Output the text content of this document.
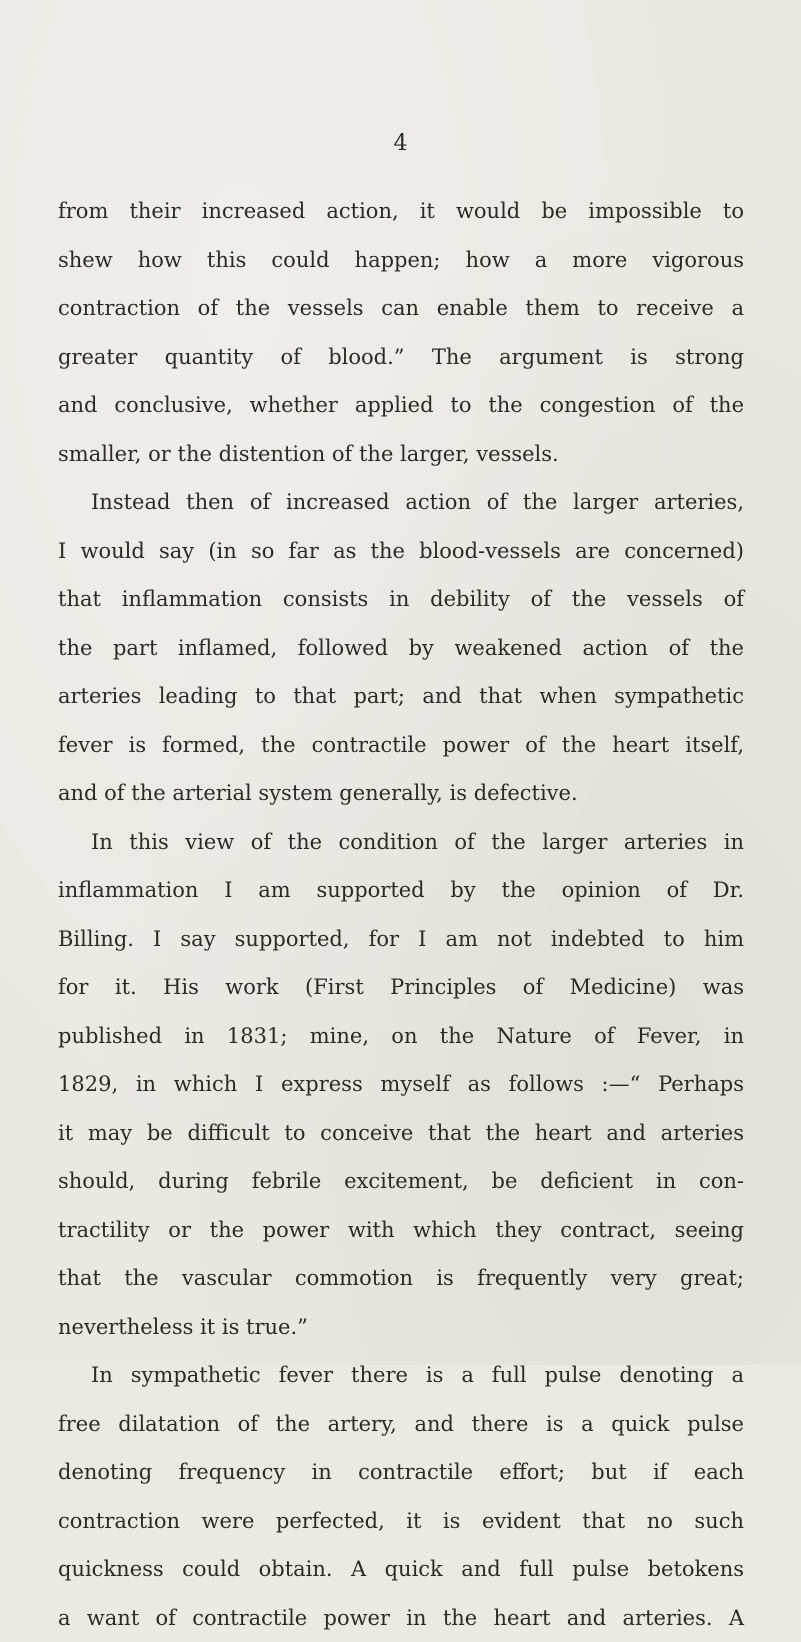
4
from their increased action, it would be impossible to
shew how this could happen; how a more vigorous
contraction of the vessels can enable them to receive a
greater quantity of blood.” The argument is strong
and conclusive, whether applied to the congestion of the
smaller, or the distention of the larger, vessels.
Instead then of increased action of the larger arteries,
I would say (in so far as the blood-vessels are concerned)
that inflammation consists in debility of the vessels of
the part inflamed, followed by weakened action of the
arteries leading to that part; and that when sympathetic
fever is formed, the contractile power of the heart itself,
and of the arterial system generally, is defective.
In this view of the condition of the larger arteries in
inflammation I am supported by the opinion of Dr.
Billing. I say supported, for I am not indebted to him
for it. His work (First Principles of Medicine) was
published in 1831; mine, on the Nature of Fever, in
1829, in which I express myself as follows :—“ Perhaps
it may be difficult to conceive that the heart and arteries
should, during febrile excitement, be deficient in con-
tractility or the power with which they contract, seeing
that the vascular commotion is frequently very great;
nevertheless it is true.”
In sympathetic fever there is a full pulse denoting a
free dilatation of the artery, and there is a quick pulse
denoting frequency in contractile effort; but if each
contraction were perfected, it is evident that no such
quickness could obtain. A quick and full pulse betokens
a want of contractile power in the heart and arteries. A
